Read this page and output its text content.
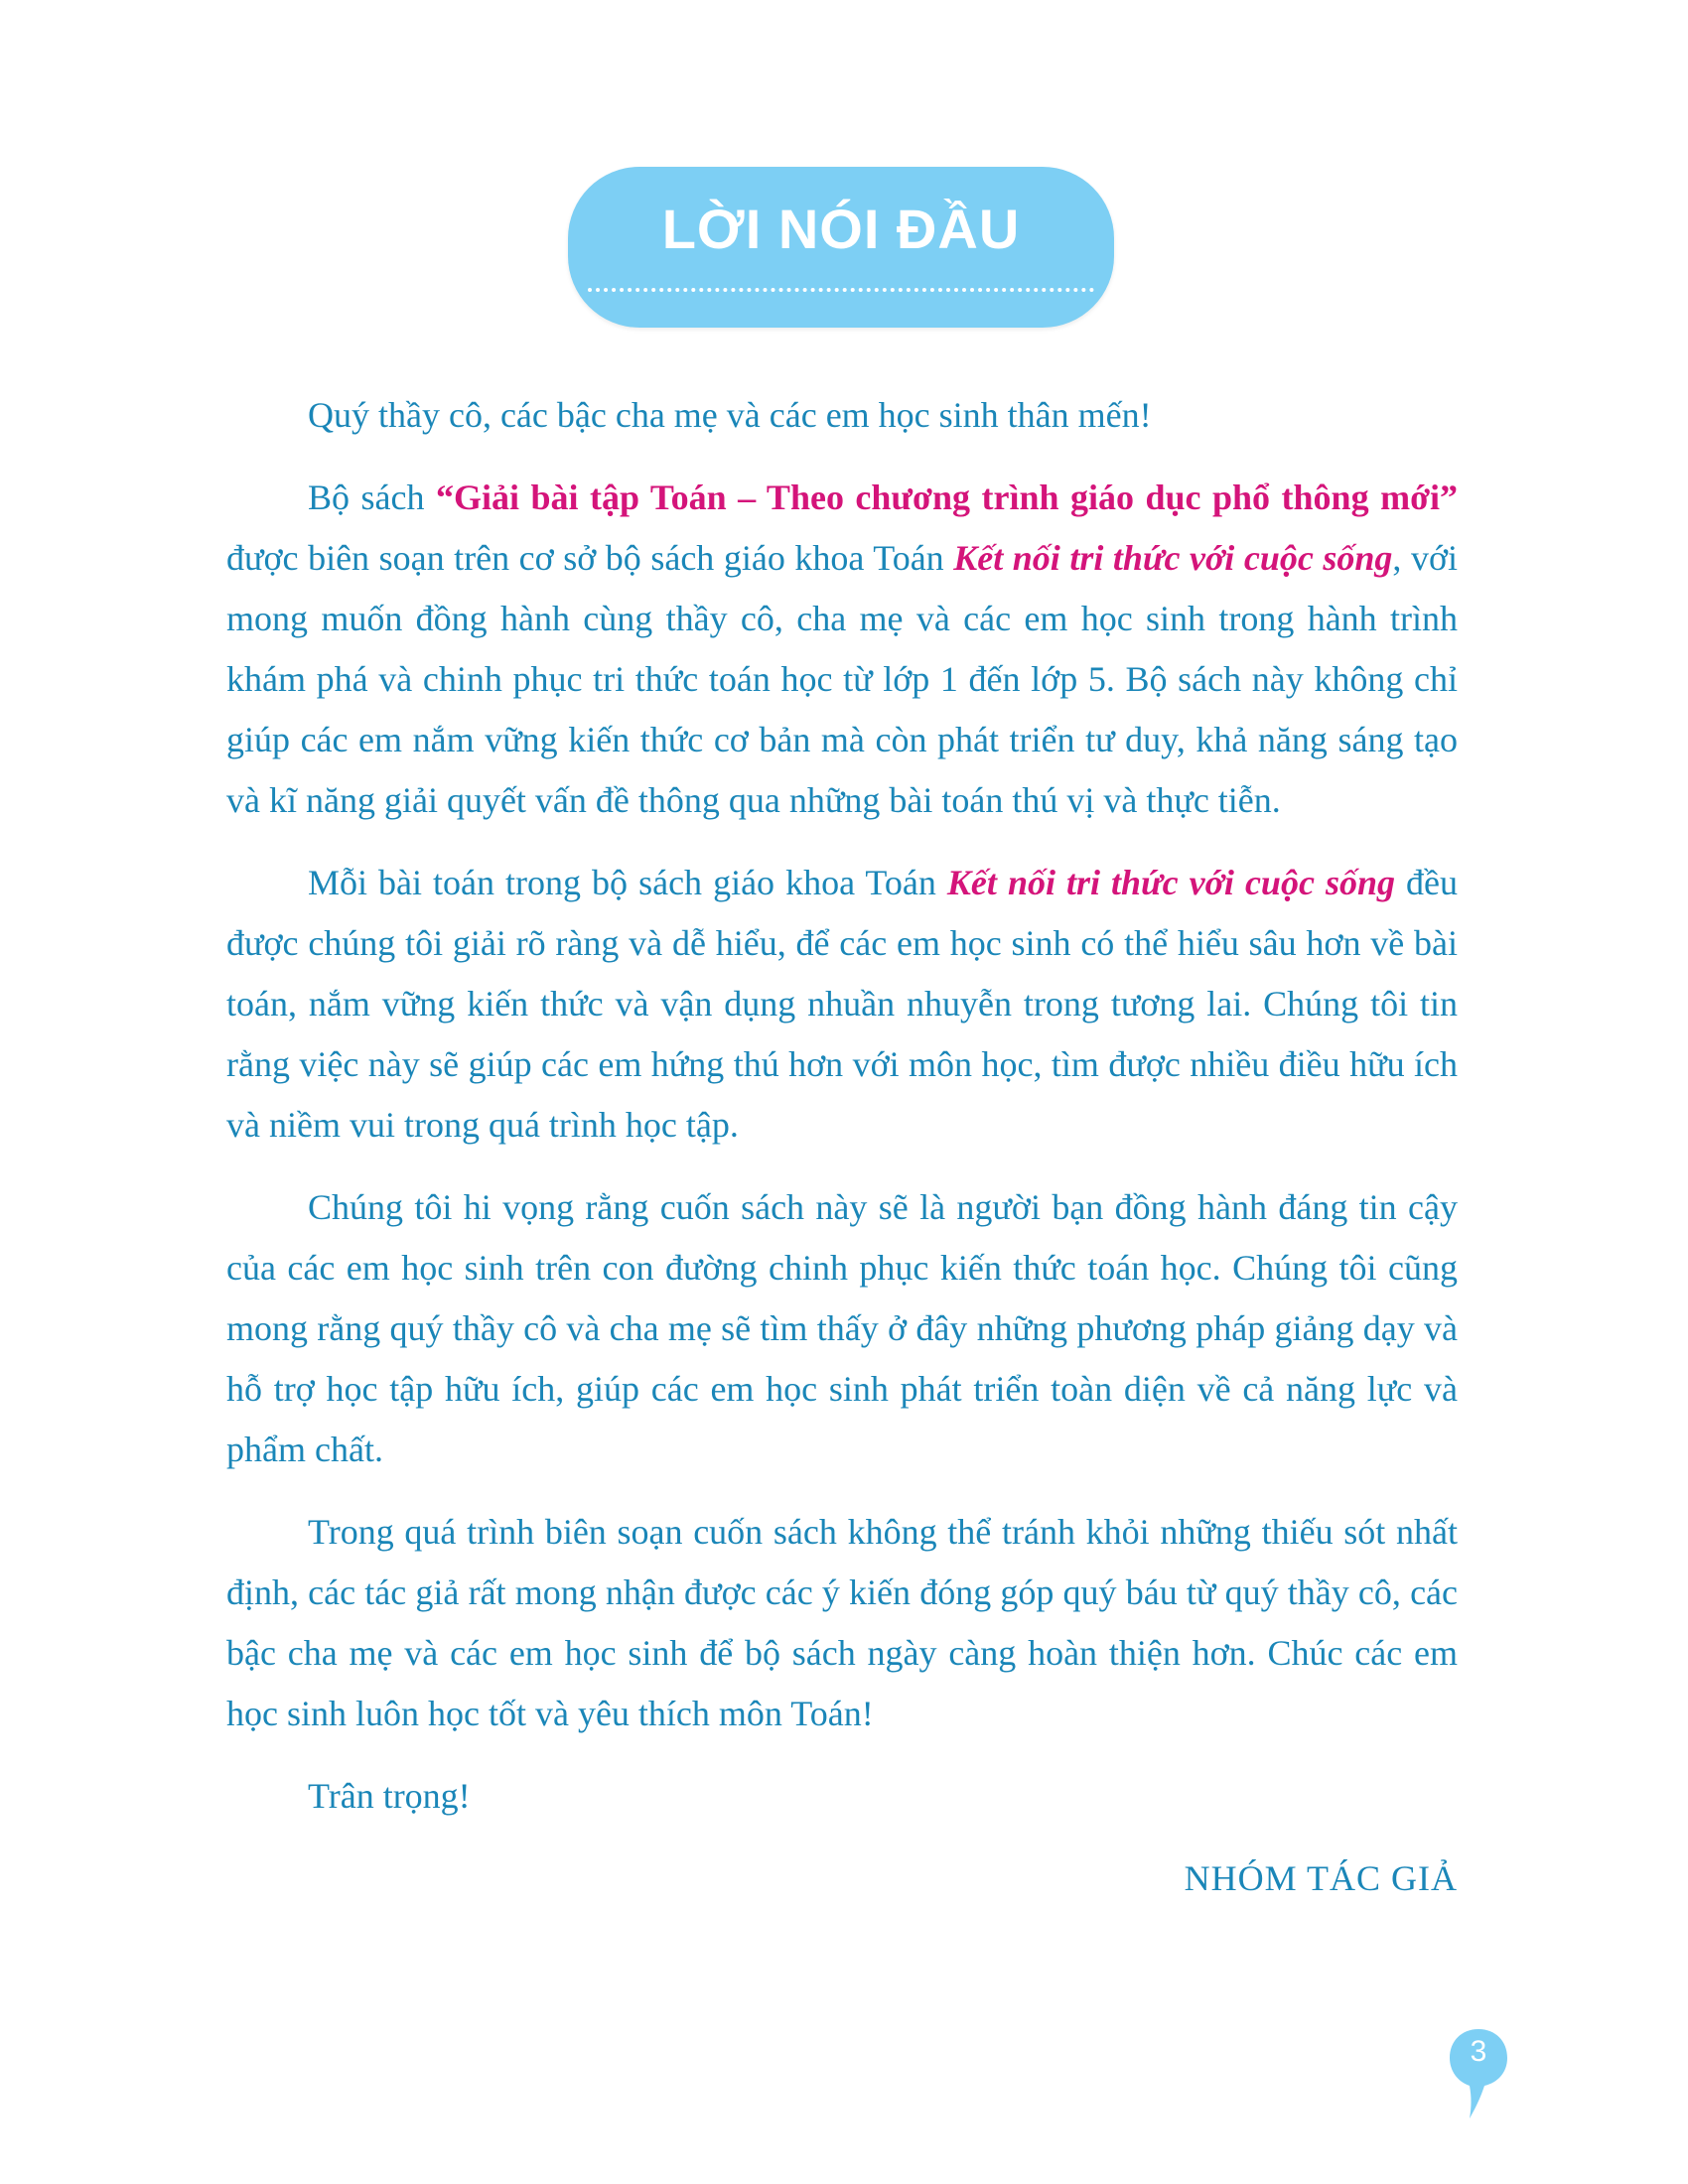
LỜI NÓI ĐẦU

Quý thầy cô, các bậc cha mẹ và các em học sinh thân mến!

Bộ sách “Giải bài tập Toán – Theo chương trình giáo dục phổ thông mới” được biên soạn trên cơ sở bộ sách giáo khoa Toán Kết nối tri thức với cuộc sống, với mong muốn đồng hành cùng thầy cô, cha mẹ và các em học sinh trong hành trình khám phá và chinh phục tri thức toán học từ lớp 1 đến lớp 5. Bộ sách này không chỉ giúp các em nắm vững kiến thức cơ bản mà còn phát triển tư duy, khả năng sáng tạo và kĩ năng giải quyết vấn đề thông qua những bài toán thú vị và thực tiễn.

Mỗi bài toán trong bộ sách giáo khoa Toán Kết nối tri thức với cuộc sống đều được chúng tôi giải rõ ràng và dễ hiểu, để các em học sinh có thể hiểu sâu hơn về bài toán, nắm vững kiến thức và vận dụng nhuần nhuyễn trong tương lai. Chúng tôi tin rằng việc này sẽ giúp các em hứng thú hơn với môn học, tìm được nhiều điều hữu ích và niềm vui trong quá trình học tập.

Chúng tôi hi vọng rằng cuốn sách này sẽ là người bạn đồng hành đáng tin cậy của các em học sinh trên con đường chinh phục kiến thức toán học. Chúng tôi cũng mong rằng quý thầy cô và cha mẹ sẽ tìm thấy ở đây những phương pháp giảng dạy và hỗ trợ học tập hữu ích, giúp các em học sinh phát triển toàn diện về cả năng lực và phẩm chất.

Trong quá trình biên soạn cuốn sách không thể tránh khỏi những thiếu sót nhất định, các tác giả rất mong nhận được các ý kiến đóng góp quý báu từ quý thầy cô, các bậc cha mẹ và các em học sinh để bộ sách ngày càng hoàn thiện hơn. Chúc các em học sinh luôn học tốt và yêu thích môn Toán!

Trân trọng!

NHÓM TÁC GIẢ

3
